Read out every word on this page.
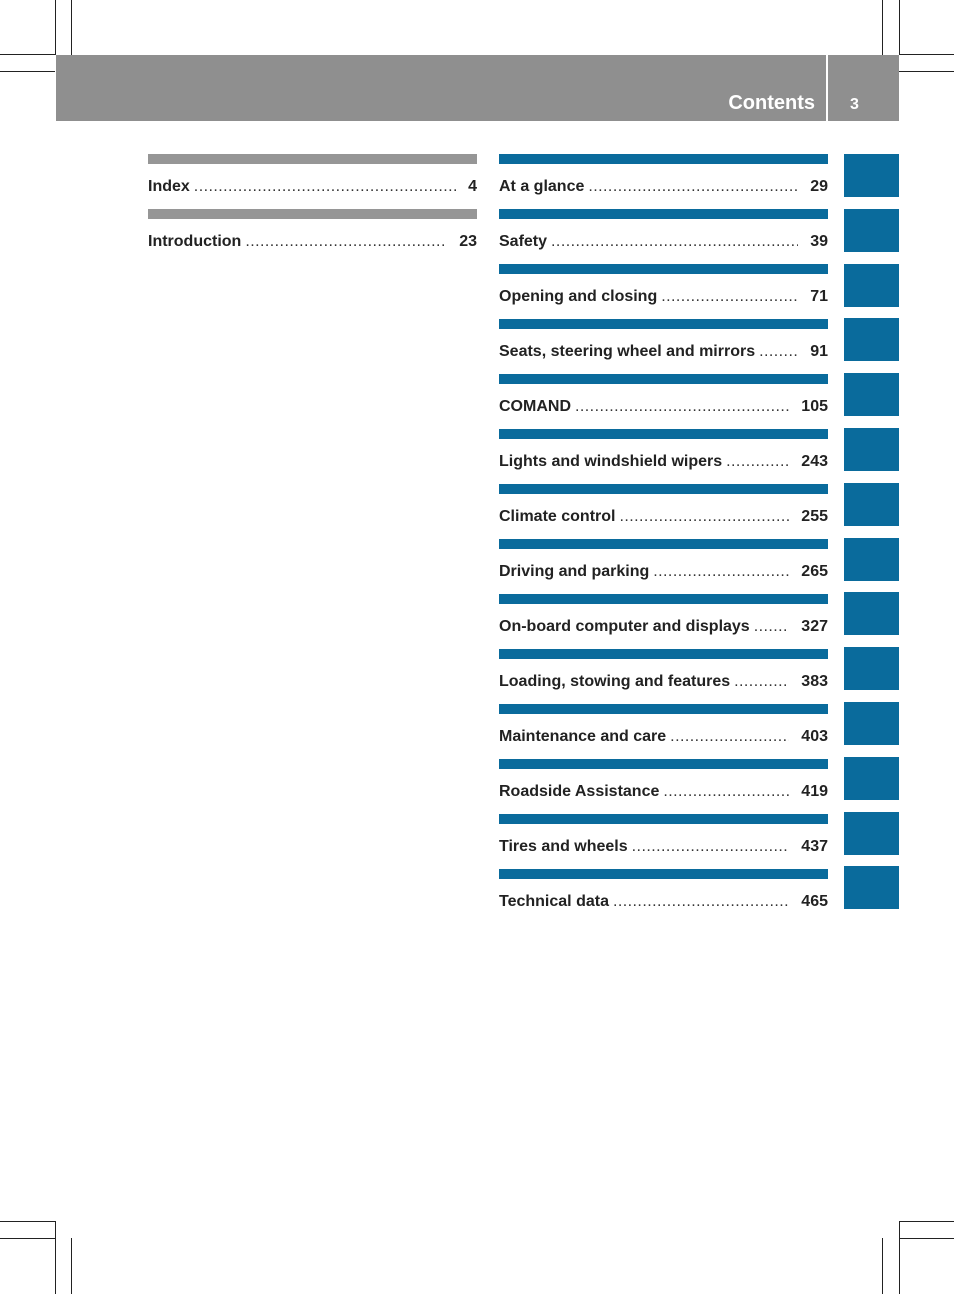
Contents 3
Index . . .	4
Introduction . . .	23
At a glance . . .	29
Safety . . .	39
Opening and closing . . .	71
Seats, steering wheel and mirrors . . .	91
COMAND . . .	105
Lights and windshield wipers . . .	243
Climate control . . .	255
Driving and parking . . .	265
On-board computer and displays . . .	327
Loading, stowing and features . . .	383
Maintenance and care . . .	403
Roadside Assistance . . .	419
Tires and wheels . . .	437
Technical data . . .	465
